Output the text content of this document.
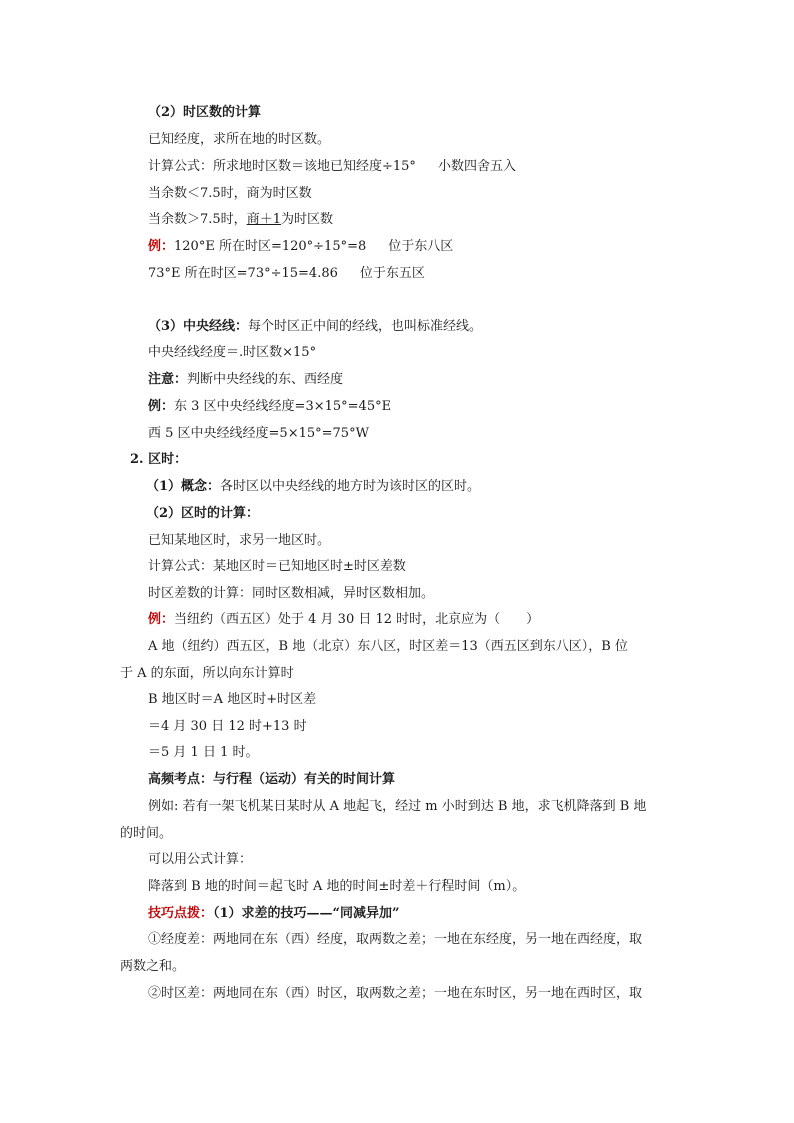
（2）时区数的计算
已知经度，求所在地的时区数。
计算公式：所求地时区数＝该地已知经度÷15° 小数四舍五入
当余数＜7.5时，商为时区数
当余数＞7.5时，商＋1为时区数
例：120°E 所在时区=120°÷15°=8 位于东八区
73°E 所在时区=73°÷15=4.86 位于东五区
（3）中央经线：每个时区正中间的经线，也叫标准经线。
中央经线经度＝.时区数×15°
注意：判断中央经线的东、西经度
例：东 3 区中央经线经度=3×15°=45°E
西 5 区中央经线经度=5×15°=75°W
2. 区时：
（1）概念：各时区以中央经线的地方时为该时区的区时。
（2）区时的计算：
已知某地区时，求另一地区时。
计算公式：某地区时＝已知地区时±时区差数
时区差数的计算：同时区数相减，异时区数相加。
例：当纽约（西五区）处于 4 月 30 日 12 时时，北京应为（　　）
A 地（纽约）西五区，B 地（北京）东八区，时区差＝13（西五区到东八区），B 位
于 A 的东面，所以向东计算时
B 地区时＝A 地区时+时区差
＝4 月 30 日 12 时+13 时
＝5 月 1 日 1 时。
高频考点：与行程（运动）有关的时间计算
例如: 若有一架飞机某日某时从 A 地起飞，经过 m 小时到达 B 地，求飞机降落到 B 地
的时间。
可以用公式计算：
降落到 B 地的时间＝起飞时 A 地的时间±时差＋行程时间（m）。
技巧点拨：（1）求差的技巧——“同减异加”
①经度差：两地同在东（西）经度，取两数之差；一地在东经度，另一地在西经度，取
两数之和。
②时区差：两地同在东（西）时区，取两数之差；一地在东时区，另一地在西时区，取
